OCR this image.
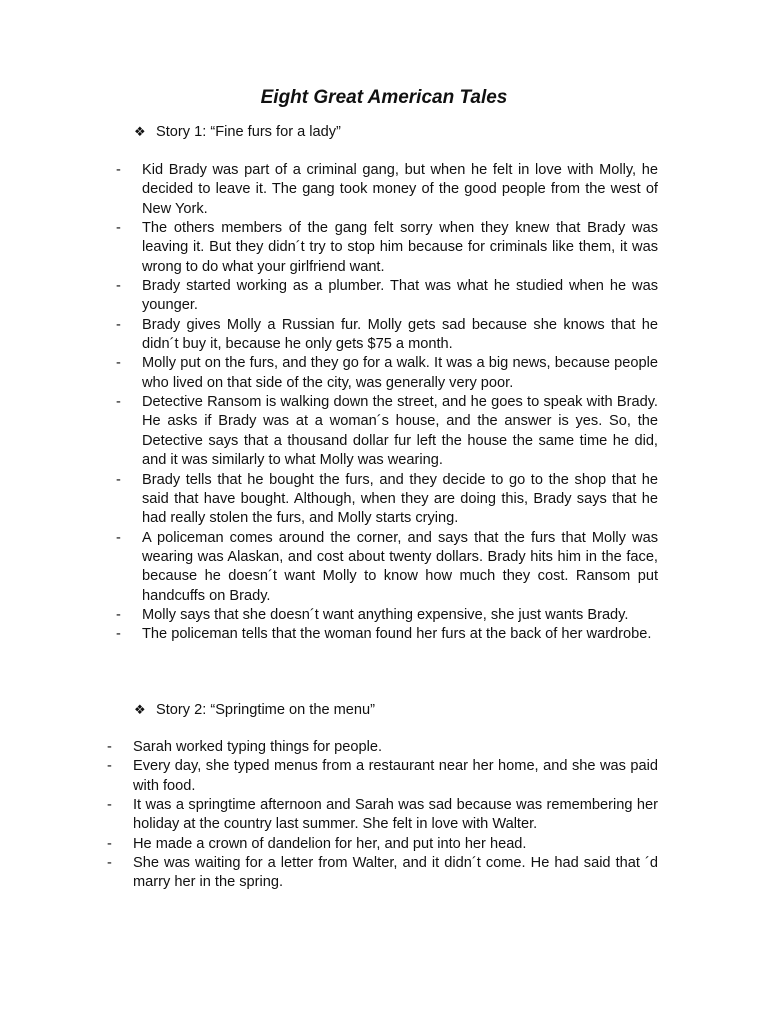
Eight Great American Tales
❖ Story 1: “Fine furs for a lady”
- Kid Brady was part of a criminal gang, but when he felt in love with Molly, he decided to leave it. The gang took money of the good people from the west of New York.
- The others members of the gang felt sorry when they knew that Brady was leaving it. But they didn´t try to stop him because for criminals like them, it was wrong to do what your girlfriend want.
- Brady started working as a plumber. That was what he studied when he was younger.
- Brady gives Molly a Russian fur. Molly gets sad because she knows that he didn´t buy it, because he only gets $75 a month.
- Molly put on the furs, and they go for a walk. It was a big news, because people who lived on that side of the city, was generally very poor.
- Detective Ransom is walking down the street, and he goes to speak with Brady. He asks if Brady was at a woman´s house, and the answer is yes. So, the Detective says that a thousand dollar fur left the house the same time he did, and it was similarly to what Molly was wearing.
- Brady tells that he bought the furs, and they decide to go to the shop that he said that have bought. Although, when they are doing this, Brady says that he had really stolen the furs, and Molly starts crying.
- A policeman comes around the corner, and says that the furs that Molly was wearing was Alaskan, and cost about twenty dollars. Brady hits him in the face, because he doesn´t want Molly to know how much they cost. Ransom put handcuffs on Brady.
- Molly says that she doesn´t want anything expensive, she just wants Brady.
- The policeman tells that the woman found her furs at the back of her wardrobe.
❖ Story 2: “Springtime on the menu”
- Sarah worked typing things for people.
- Every day, she typed menus from a restaurant near her home, and she was paid with food.
- It was a springtime afternoon and Sarah was sad because was remembering her holiday at the country last summer. She felt in love with Walter.
- He made a crown of dandelion for her, and put into her head.
- She was waiting for a letter from Walter, and it didn´t come. He had said that ´d marry her in the spring.
